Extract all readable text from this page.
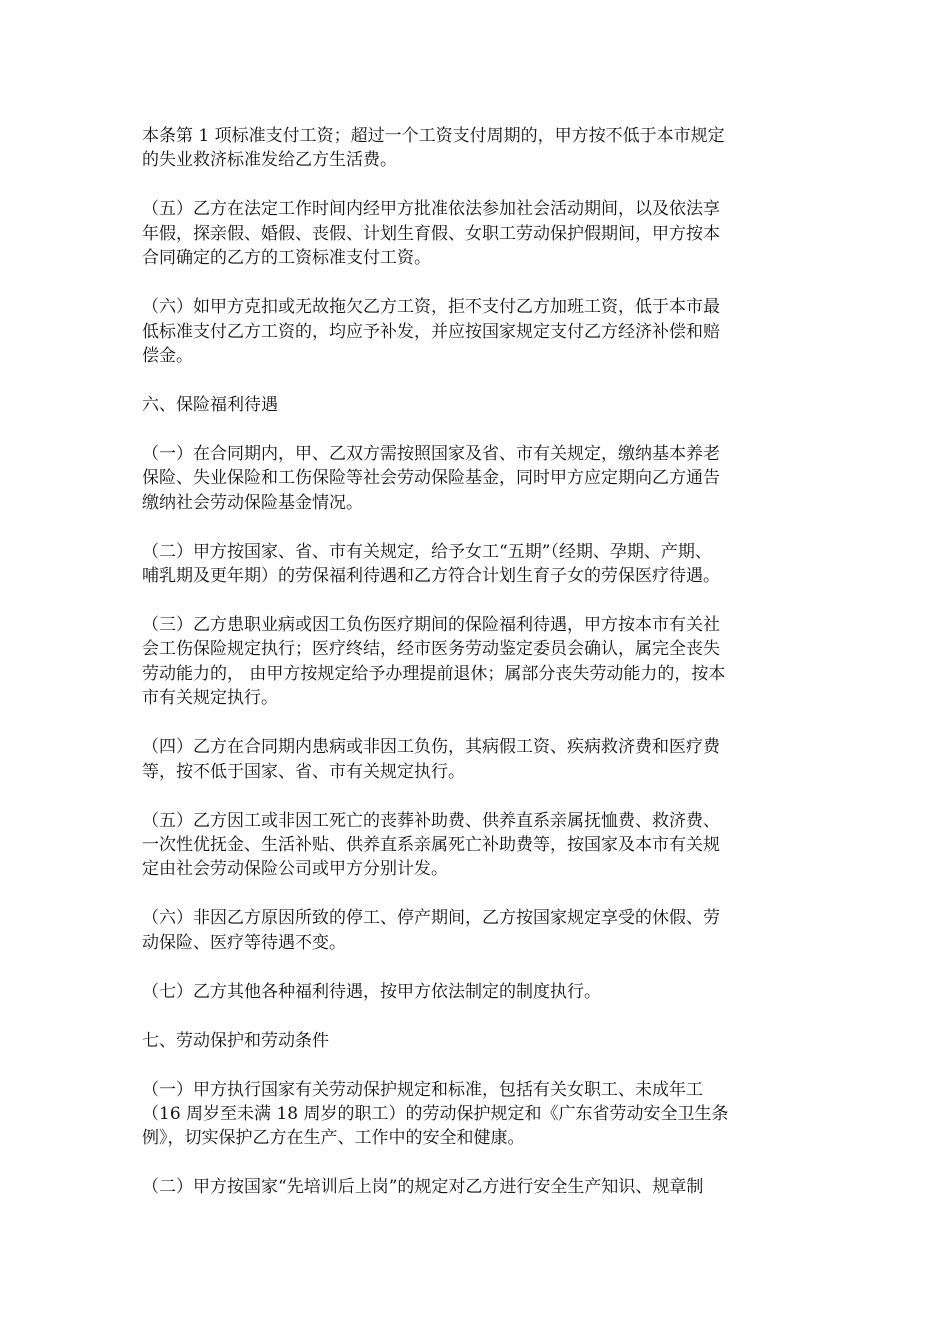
本条第 1 项标准支付工资；超过一个工资支付周期的，甲方按不低于本市规定
的失业救济标准发给乙方生活费。

（五）乙方在法定工作时间内经甲方批准依法参加社会活动期间，以及依法享
年假，探亲假、婚假、丧假、计划生育假、女职工劳动保护假期间，甲方按本
合同确定的乙方的工资标准支付工资。

（六）如甲方克扣或无故拖欠乙方工资，拒不支付乙方加班工资，低于本市最
低标准支付乙方工资的，均应予补发，并应按国家规定支付乙方经济补偿和赔
偿金。

六、保险福利待遇

（一）在合同期内，甲、乙双方需按照国家及省、市有关规定，缴纳基本养老
保险、失业保险和工伤保险等社会劳动保险基金，同时甲方应定期向乙方通告
缴纳社会劳动保险基金情况。

（二）甲方按国家、省、市有关规定，给予女工“五期”（经期、孕期、产期、
哺乳期及更年期）的劳保福利待遇和乙方符合计划生育子女的劳保医疗待遇。

（三）乙方患职业病或因工负伤医疗期间的保险福利待遇，甲方按本市有关社
会工伤保险规定执行；医疗终结，经市医务劳动鉴定委员会确认，属完全丧失
劳动能力的， 由甲方按规定给予办理提前退休；属部分丧失劳动能力的，按本
市有关规定执行。

（四）乙方在合同期内患病或非因工负伤，其病假工资、疾病救济费和医疗费
等，按不低于国家、省、市有关规定执行。

（五）乙方因工或非因工死亡的丧葬补助费、供养直系亲属抚恤费、救济费、
一次性优抚金、生活补贴、供养直系亲属死亡补助费等，按国家及本市有关规
定由社会劳动保险公司或甲方分别计发。

（六）非因乙方原因所致的停工、停产期间，乙方按国家规定享受的休假、劳
动保险、医疗等待遇不变。

（七）乙方其他各种福利待遇，按甲方依法制定的制度执行。

七、劳动保护和劳动条件

（一）甲方执行国家有关劳动保护规定和标准，包括有关女职工、未成年工
（16 周岁至未满 18 周岁的职工）的劳动保护规定和《广东省劳动安全卫生条
例》，切实保护乙方在生产、工作中的安全和健康。

（二）甲方按国家“先培训后上岗”的规定对乙方进行安全生产知识、规章制
